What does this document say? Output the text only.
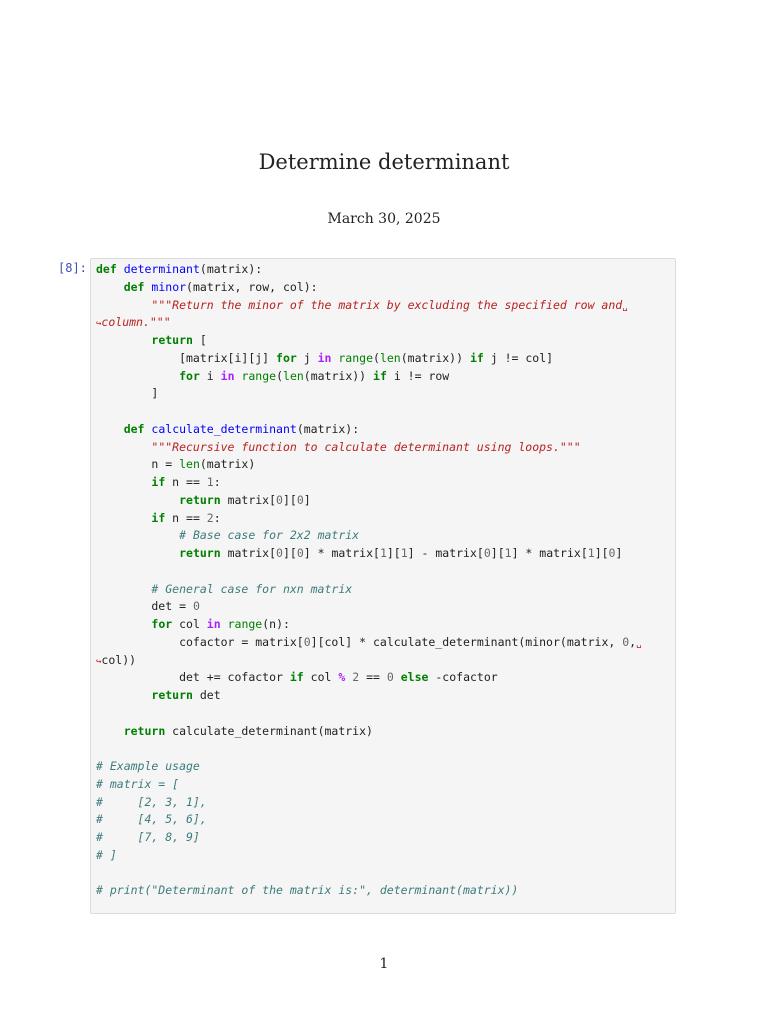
Determine determinant
March 30, 2025
[8]: def determinant(matrix):
def minor(matrix, row, col):
"""Return the minor of the matrix by excluding the specified row and␣
↪column."""
return [
[matrix[i][j] for j in range(len(matrix)) if j != col]
for i in range(len(matrix)) if i != row
]
def calculate_determinant(matrix):
"""Recursive function to calculate determinant using loops."""
n = len(matrix)
if n == 1:
return matrix[0][0]
if n == 2:
# Base case for 2x2 matrix
return matrix[0][0] * matrix[1][1] - matrix[0][1] * matrix[1][0]
# General case for nxn matrix
det = 0
for col in range(n):
cofactor = matrix[0][col] * calculate_determinant(minor(matrix, 0,␣
↪col))
det += cofactor if col % 2 == 0 else -cofactor
return det
return calculate_determinant(matrix)
# Example usage
# matrix = [
#     [2, 3, 1],
#     [4, 5, 6],
#     [7, 8, 9]
# ]
# print("Determinant of the matrix is:", determinant(matrix))
1
